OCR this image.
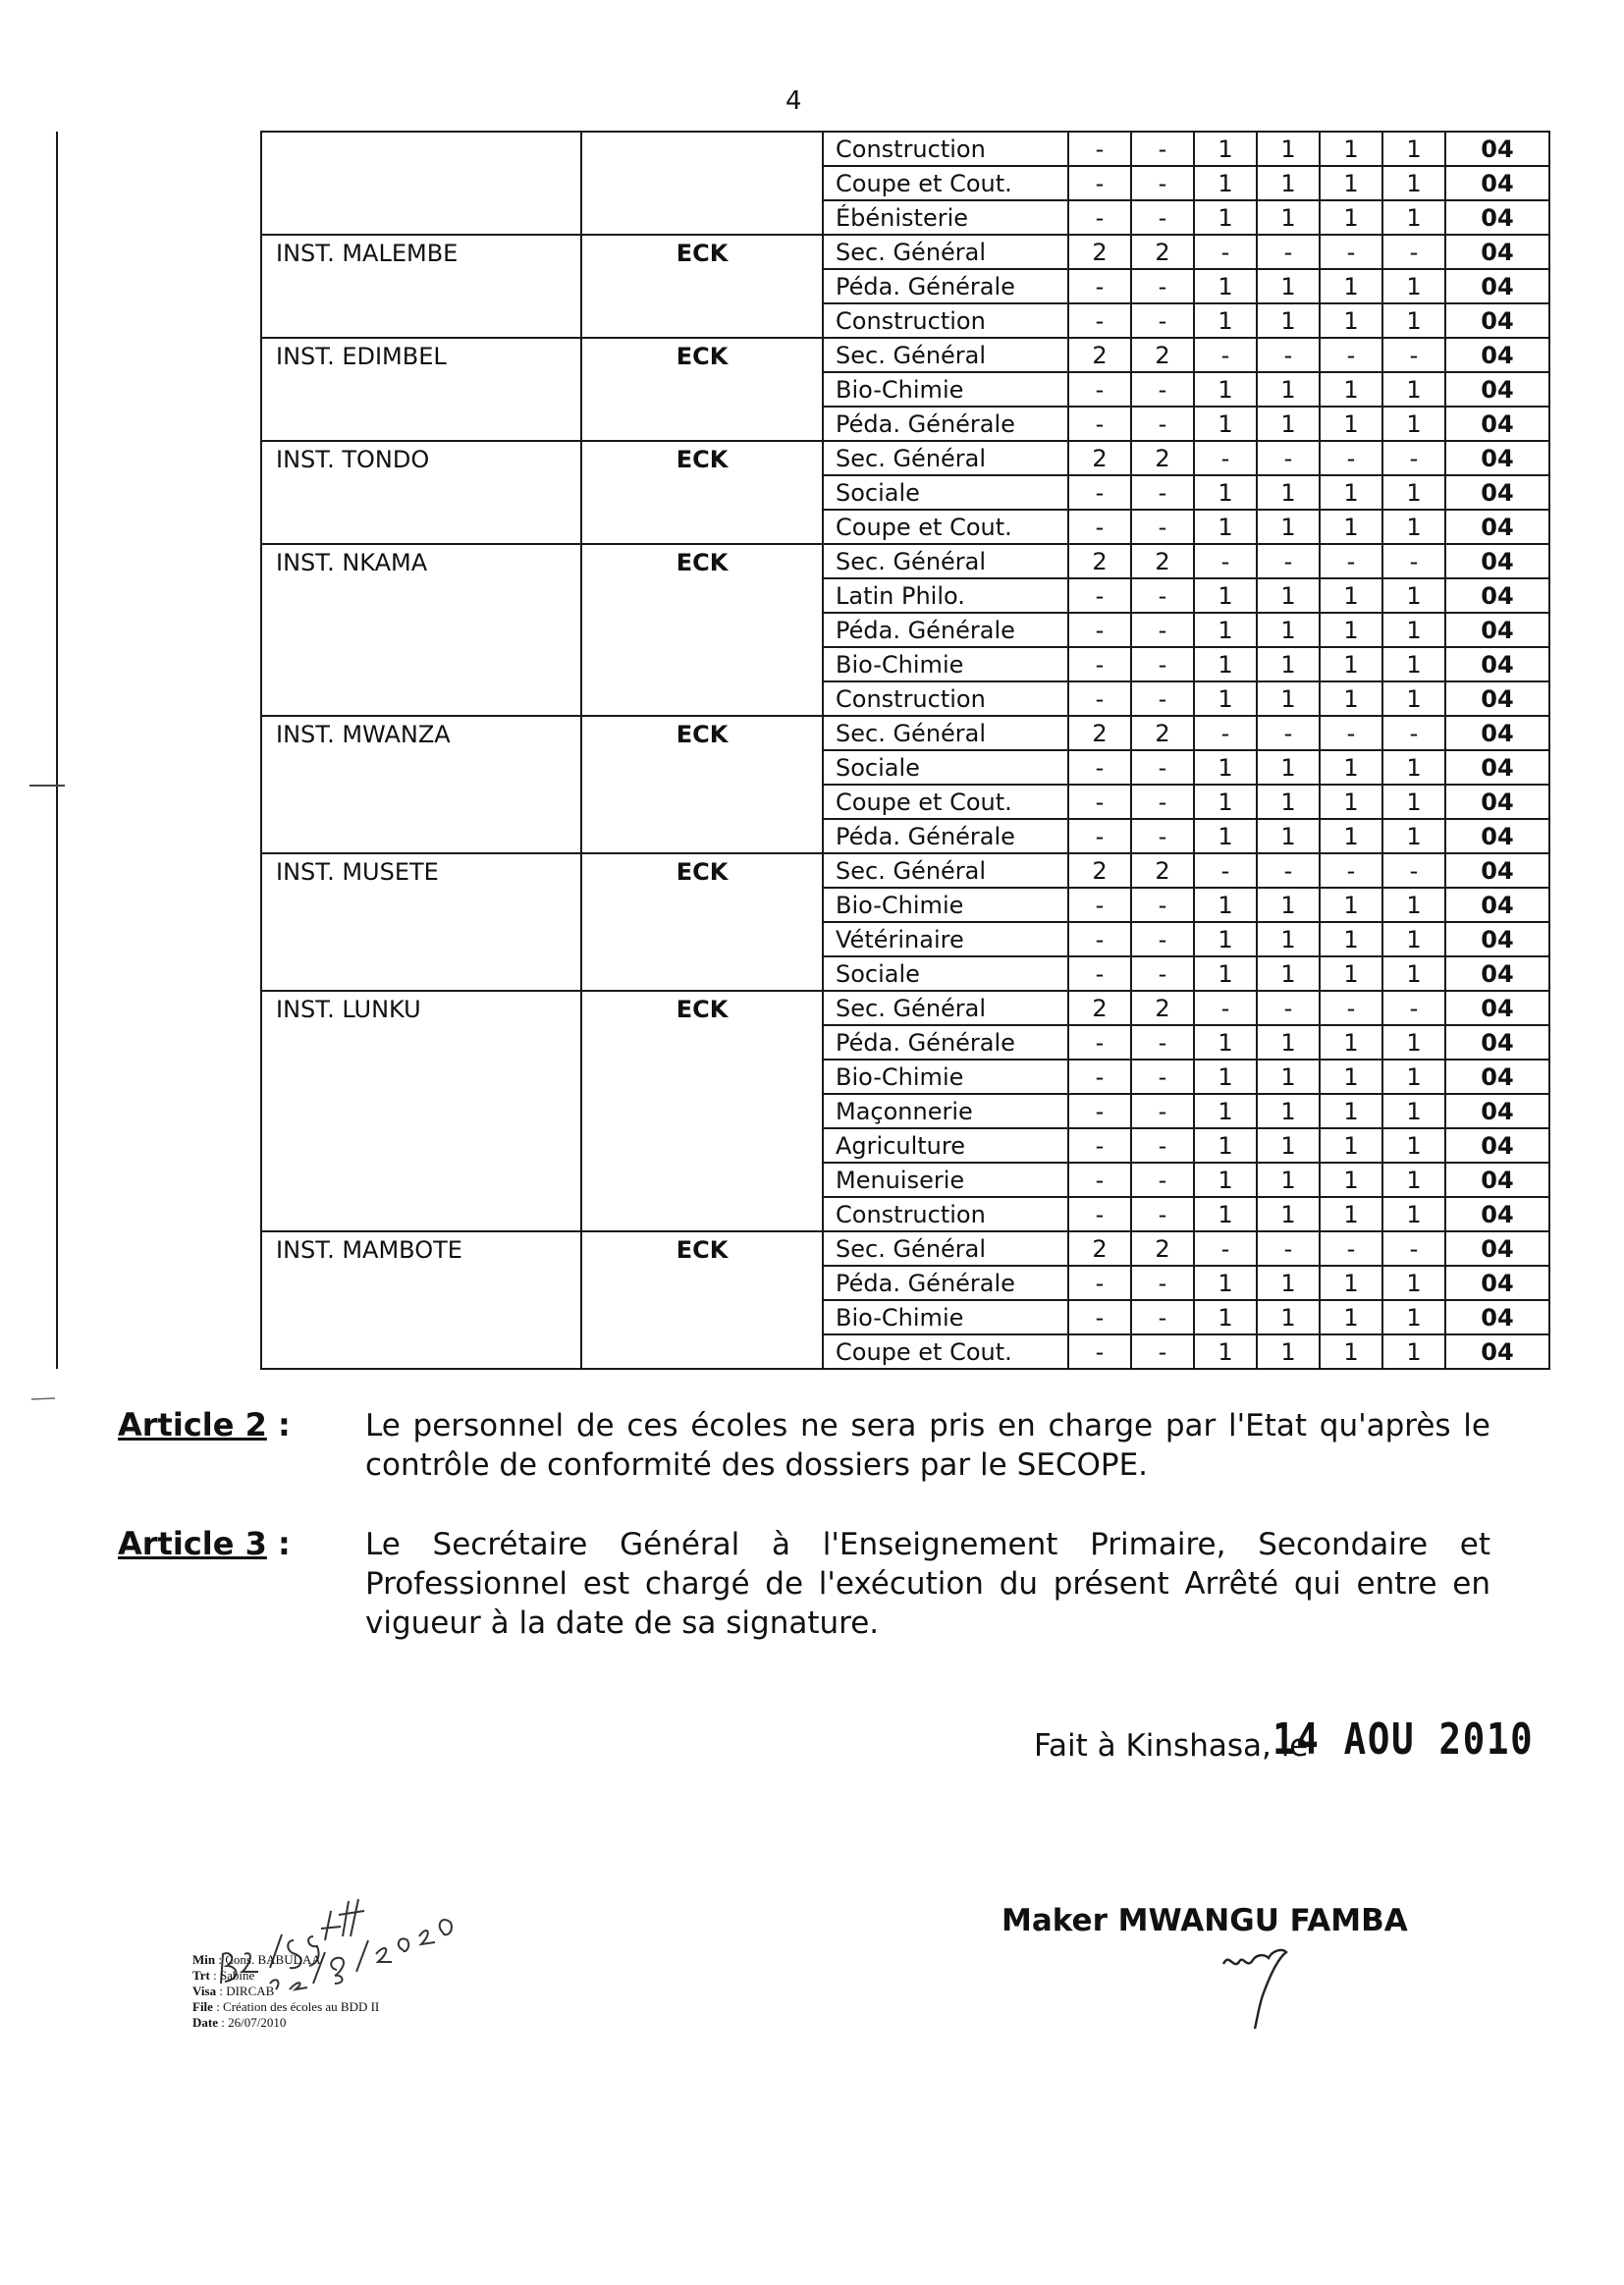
4
			Construction	-	-	1	1	1	1	04
			Coupe et Cout.	-	-	1	1	1	1	04
			Ébénisterie	-	-	1	1	1	1	04
	INST. MALEMBE	ECK	Sec. Général	2	2	-	-	-	-	04
			Péda. Générale	-	-	1	1	1	1	04
			Construction	-	-	1	1	1	1	04
	INST. EDIMBEL	ECK	Sec. Général	2	2	-	-	-	-	04
			Bio-Chimie	-	-	1	1	1	1	04
			Péda. Générale	-	-	1	1	1	1	04
	INST. TONDO	ECK	Sec. Général	2	2	-	-	-	-	04
			Sociale	-	-	1	1	1	1	04
			Coupe et Cout.	-	-	1	1	1	1	04
	INST. NKAMA	ECK	Sec. Général	2	2	-	-	-	-	04
			Latin Philo.	-	-	1	1	1	1	04
			Péda. Générale	-	-	1	1	1	1	04
			Bio-Chimie	-	-	1	1	1	1	04
			Construction	-	-	1	1	1	1	04
	INST. MWANZA	ECK	Sec. Général	2	2	-	-	-	-	04
			Sociale	-	-	1	1	1	1	04
			Coupe et Cout.	-	-	1	1	1	1	04
			Péda. Générale	-	-	1	1	1	1	04
	INST. MUSETE	ECK	Sec. Général	2	2	-	-	-	-	04
			Bio-Chimie	-	-	1	1	1	1	04
			Vétérinaire	-	-	1	1	1	1	04
			Sociale	-	-	1	1	1	1	04
	INST. LUNKU	ECK	Sec. Général	2	2	-	-	-	-	04
			Péda. Générale	-	-	1	1	1	1	04
			Bio-Chimie	-	-	1	1	1	1	04
			Maçonnerie	-	-	1	1	1	1	04
			Agriculture	-	-	1	1	1	1	04
			Menuiserie	-	-	1	1	1	1	04
			Construction	-	-	1	1	1	1	04
	INST. MAMBOTE	ECK	Sec. Général	2	2	-	-	-	-	04
			Péda. Générale	-	-	1	1	1	1	04
			Bio-Chimie	-	-	1	1	1	1	04
			Coupe et Cout.	-	-	1	1	1	1	04
Article 2 : Le personnel de ces écoles ne sera pris en charge par l'Etat qu'après le contrôle de conformité des dossiers par le SECOPE.
Article 3 : Le Secrétaire Général à l'Enseignement Primaire, Secondaire et Professionnel est chargé de l'exécution du présent Arrêté qui entre en vigueur à la date de sa signature.
Fait à Kinshasa, le
14 AOU 2010
Maker MWANGU FAMBA
Min : Cons. BABUDAA
Trt : Sabine
Visa : DIRCAB
File : Création des écoles au BDD II
Date : 26/07/2010
